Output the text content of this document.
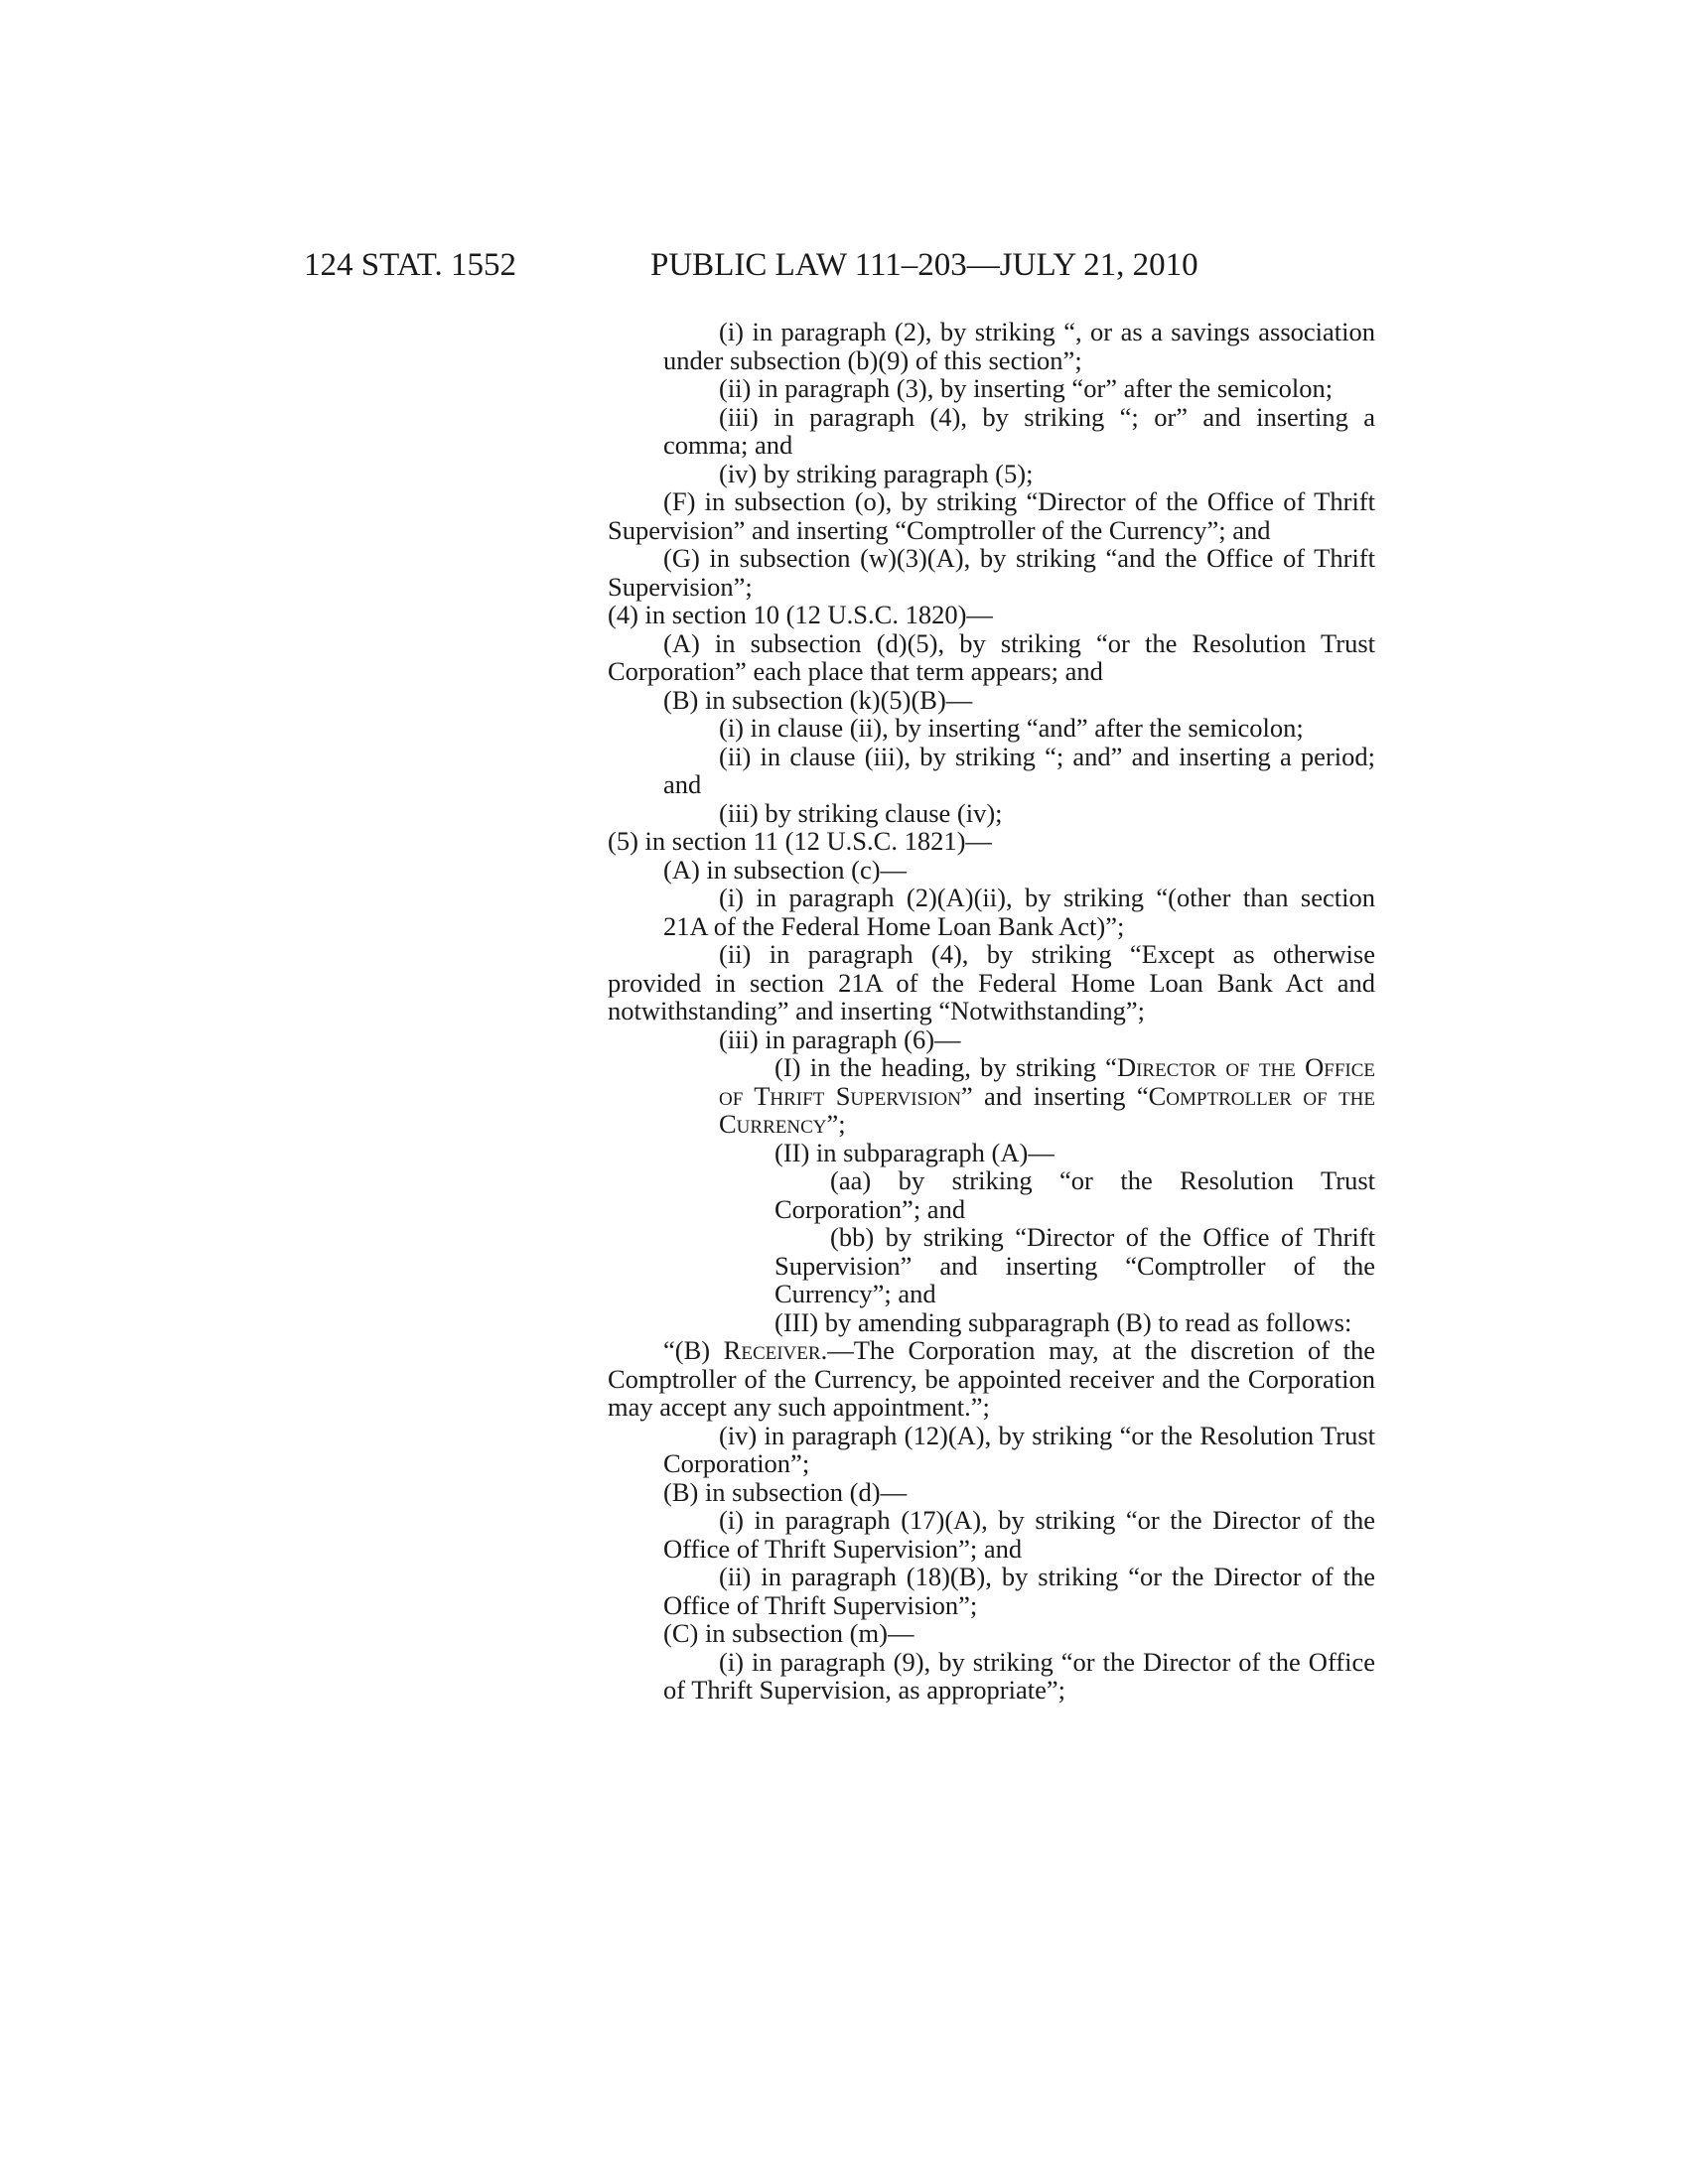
124 STAT. 1552	PUBLIC LAW 111–203—JULY 21, 2010

(i) in paragraph (2), by striking “, or as a savings association under subsection (b)(9) of this section”;

(ii) in paragraph (3), by inserting “or” after the semicolon;

(iii) in paragraph (4), by striking “; or” and inserting a comma; and

(iv) by striking paragraph (5);

(F) in subsection (o), by striking “Director of the Office of Thrift Supervision” and inserting “Comptroller of the Currency”; and

(G) in subsection (w)(3)(A), by striking “and the Office of Thrift Supervision”;

(4) in section 10 (12 U.S.C. 1820)—

(A) in subsection (d)(5), by striking “or the Resolution Trust Corporation” each place that term appears; and

(B) in subsection (k)(5)(B)—

(i) in clause (ii), by inserting “and” after the semicolon;

(ii) in clause (iii), by striking “; and” and inserting a period; and

(iii) by striking clause (iv);

(5) in section 11 (12 U.S.C. 1821)—

(A) in subsection (c)—

(i) in paragraph (2)(A)(ii), by striking “(other than section 21A of the Federal Home Loan Bank Act)”;

(ii) in paragraph (4), by striking “Except as otherwise provided in section 21A of the Federal Home Loan Bank Act and notwithstanding” and inserting “Notwithstanding”;

(iii) in paragraph (6)—

(I) in the heading, by striking “Director of the Office of Thrift Supervision” and inserting “Comptroller of the Currency”;

(II) in subparagraph (A)—

(aa) by striking “or the Resolution Trust Corporation”; and

(bb) by striking “Director of the Office of Thrift Supervision” and inserting “Comptroller of the Currency”; and

(III) by amending subparagraph (B) to read as follows:

“(B) Receiver.—The Corporation may, at the discretion of the Comptroller of the Currency, be appointed receiver and the Corporation may accept any such appointment.”;

(iv) in paragraph (12)(A), by striking “or the Resolution Trust Corporation”;

(B) in subsection (d)—

(i) in paragraph (17)(A), by striking “or the Director of the Office of Thrift Supervision”; and

(ii) in paragraph (18)(B), by striking “or the Director of the Office of Thrift Supervision”;

(C) in subsection (m)—

(i) in paragraph (9), by striking “or the Director of the Office of Thrift Supervision, as appropriate”;
